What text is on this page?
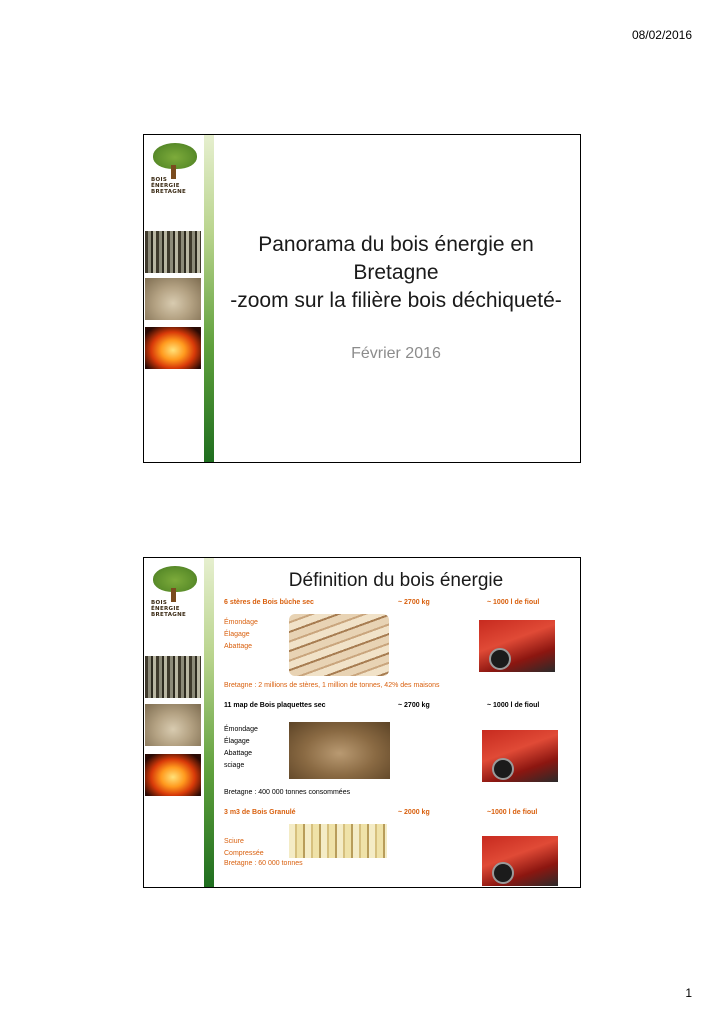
08/02/2016
BOIS
ÉNERGIE
BRETAGNE
Panorama du bois énergie en
Bretagne
-zoom sur la filière bois déchiqueté-
Février 2016
BOIS
ÉNERGIE
BRETAGNE
Définition du bois énergie
6 stères de Bois bûche sec	~ 2700 kg	~ 1000 l de fioul
Émondage
Élagage
Abattage
Bretagne : 2 millions de stères, 1 million de tonnes, 42% des maisons
11 map de Bois plaquettes sec	~ 2700 kg	~ 1000 l de fioul
Émondage
Élagage
Abattage
sciage
Bretagne : 400 000 tonnes consommées
3 m3 de Bois Granulé	~ 2000 kg	~1000 l de fioul
Sciure
Compressée
Bretagne : 60 000 tonnes
1
